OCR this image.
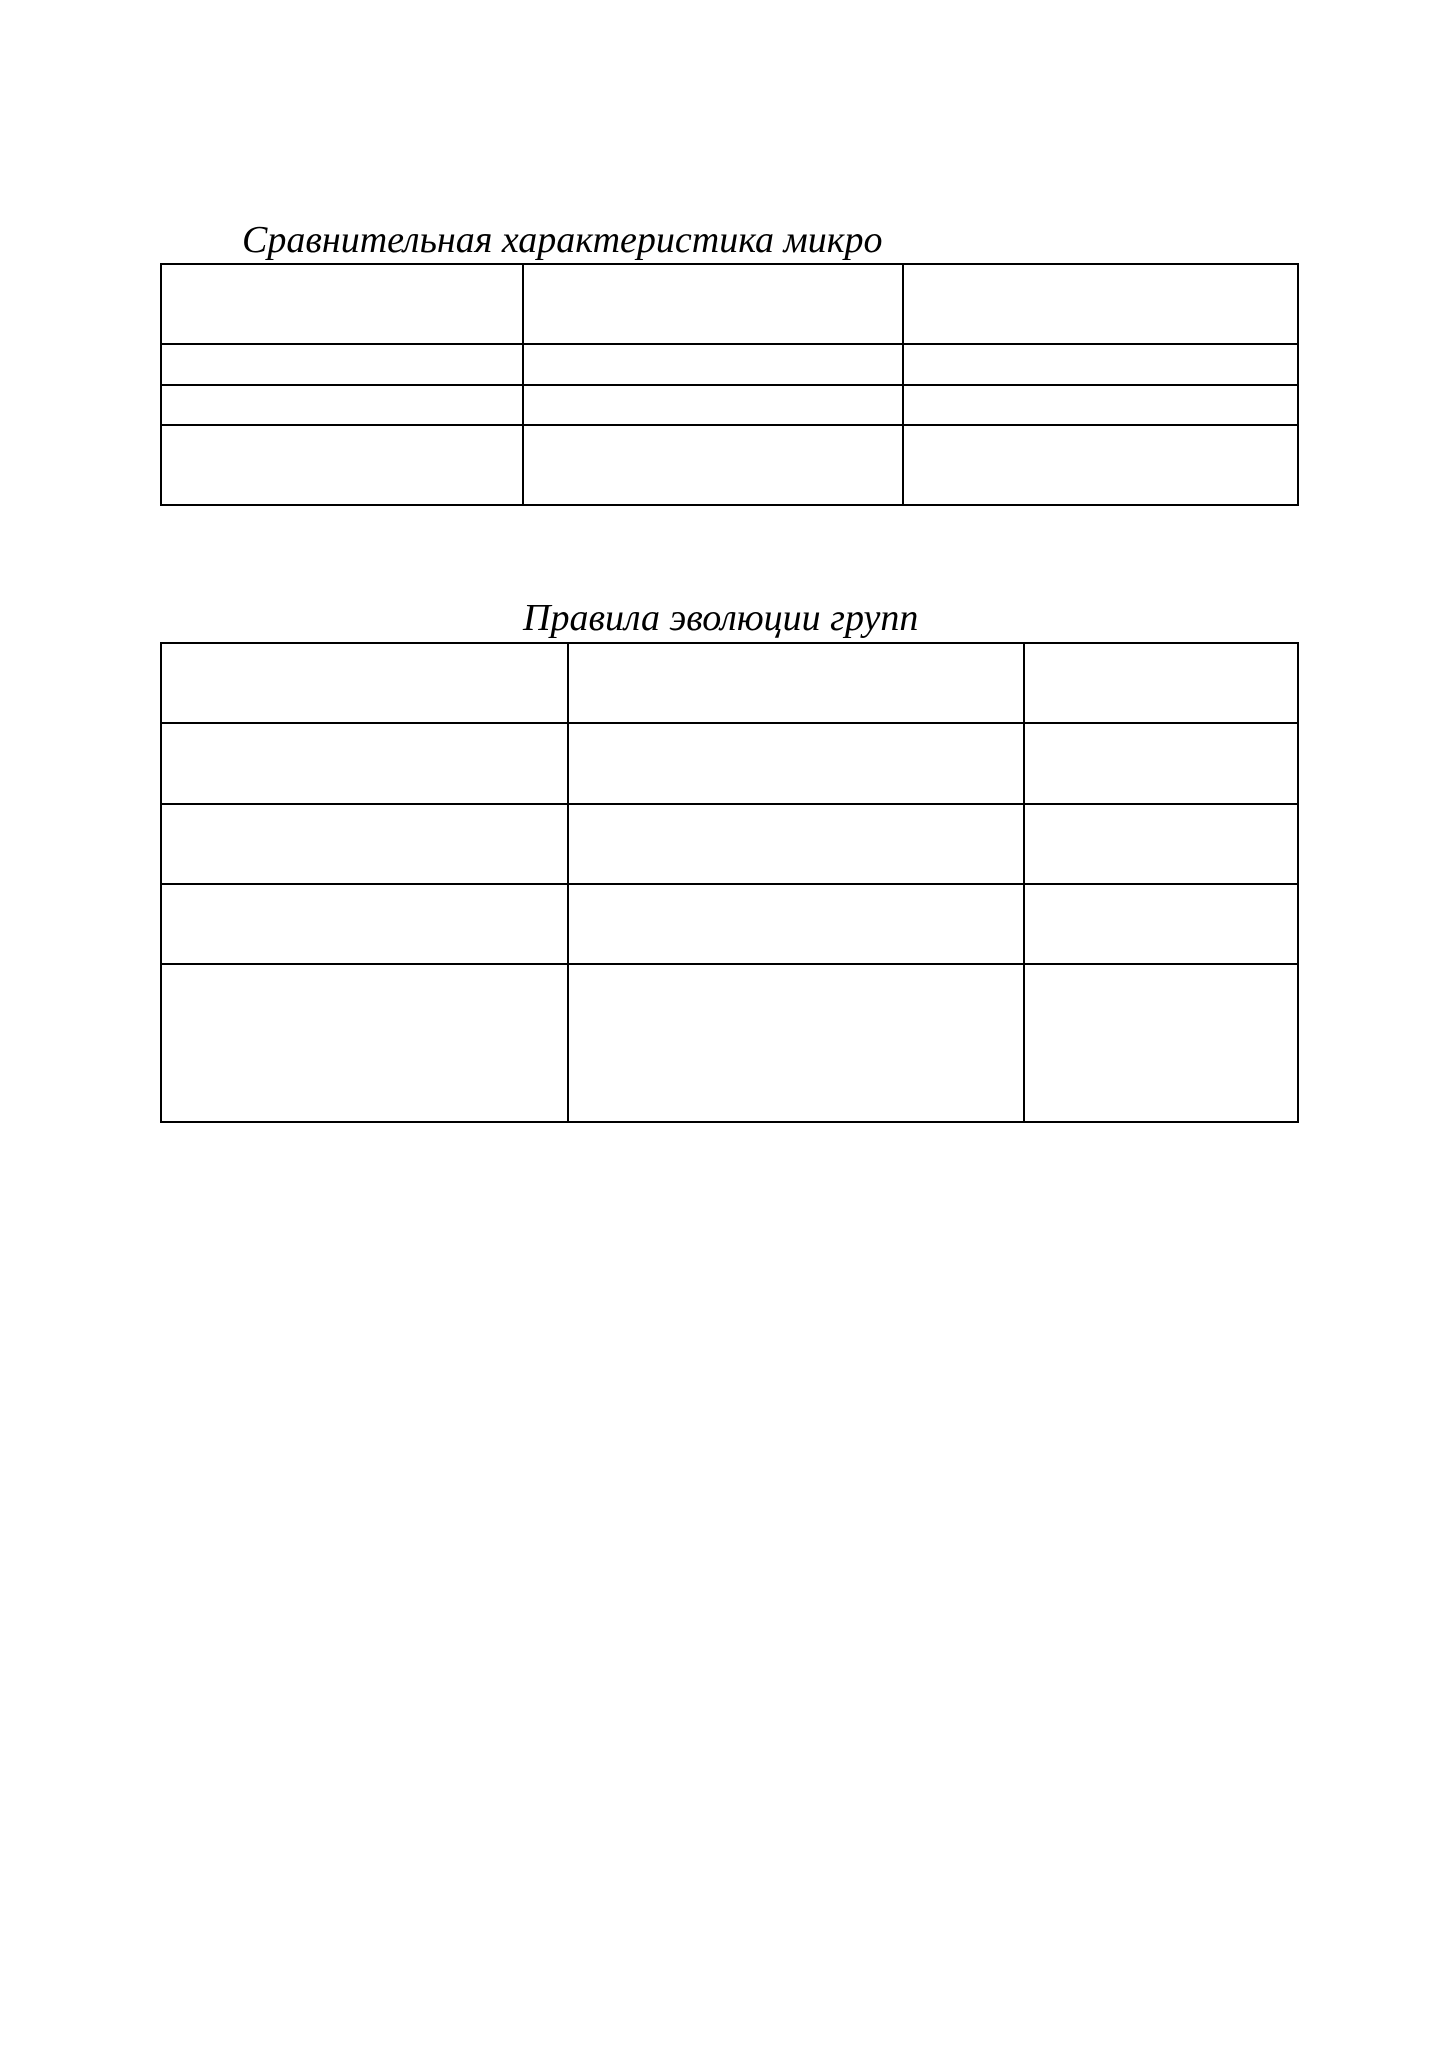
Сравнительная характеристика микро

Правила эволюции групп
